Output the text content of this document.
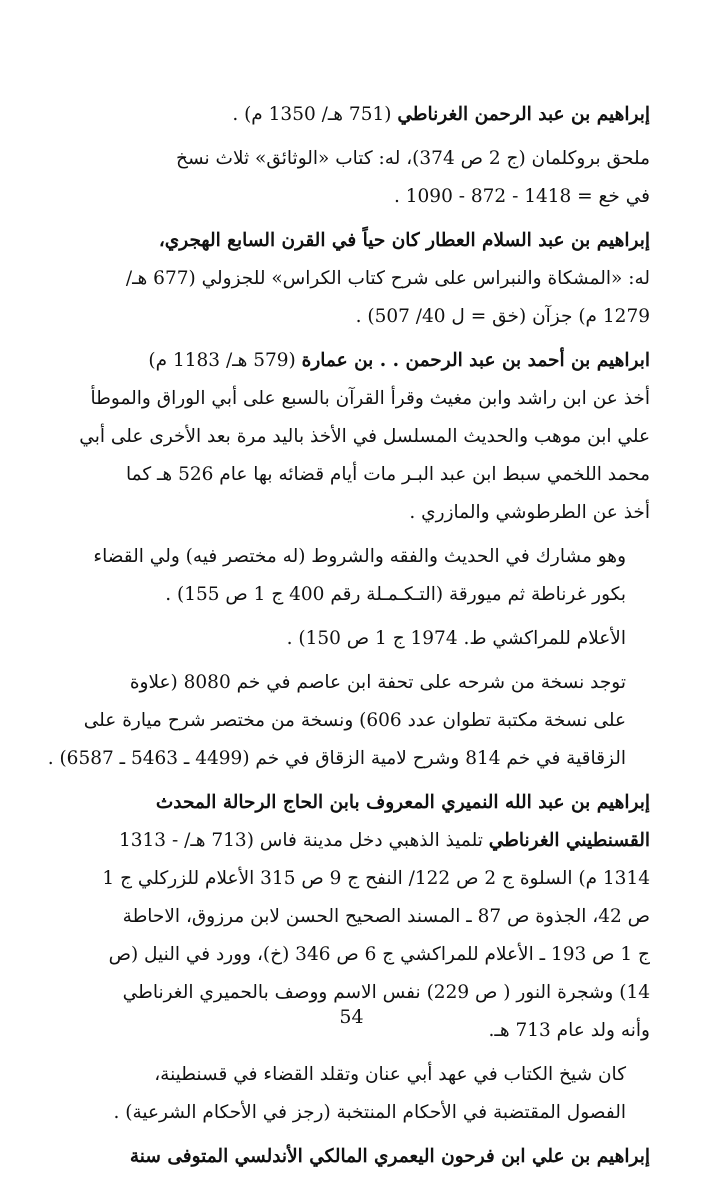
إبراهيم بن عبد الرحمن الغرناطي (751 هـ/ 1350 م) .

ملحق بروكلمان (ج 2 ص 374)، له: كتاب «الوثائق» ثلاث نسخ
في خع = 1418 - 872 - 1090 .

إبراهيم بن عبد السلام العطار كان حياً في القرن السابع الهجري،
له: «المشكاة والنبراس على شرح كتاب الكراس» للجزولي (677 هـ/
1279 م) جزآن (خق = ل 40/ 507) .

ابراهيم بن أحمد بن عبد الرحمن . . بن عمارة (579 هـ/ 1183 م)
أخذ عن ابن راشد وابن مغيث وقرأ القرآن بالسبع على أبي الوراق والموطأ
علي ابن موهب والحديث المسلسل في الأخذ باليد مرة بعد الأخرى على أبي
محمد اللخمي سبط ابن عبد البـر مات أيام قضائه بها عام 526 هـ كما
أخذ عن الطرطوشي والمازري .

وهو مشارك في الحديث والفقه والشروط (له مختصر فيه) ولي القضاء
بكور غرناطة ثم ميورقة (التـكـمـلة رقم 400 ج 1 ص 155) .

الأعلام للمراكشي ط. 1974 ج 1 ص 150) .

توجد نسخة من شرحه على تحفة ابن عاصم في خم 8080 (علاوة
على نسخة مكتبة تطوان عدد 606) ونسخة من مختصر شرح ميارة على
الزقاقية في خم 814 وشرح لامية الزقاق في خم (4499 ـ 5463 ـ 6587) .

إبراهيم بن عبد الله النميري المعروف بابن الحاج الرحالة المحدث
القسنطيني الغرناطي تلميذ الذهبي دخل مدينة فاس (713 هـ/ - 1313
1314 م) السلوة ج 2 ص 122/ النفح ج 9 ص 315 الأعلام للزركلي ج 1
ص 42، الجذوة ص 87 ـ المسند الصحيح الحسن لابن مرزوق، الاحاطة
ج 1 ص 193 ـ الأعلام للمراكشي ج 6 ص 346 (خ)، وورد في النيل (ص
14) وشجرة النور ( ص 229) نفس الاسم ووصف بالحميري الغرناطي
وأنه ولد عام 713 هـ.

كان شيخ الكتاب في عهد أبي عنان وتقلد القضاء في قسنطينة،
الفصول المقتضبة في الأحكام المنتخبة (رجز في الأحكام الشرعية) .

إبراهيم بن علي ابن فرحون اليعمري المالكي الأندلسي المتوفى سنة

54
